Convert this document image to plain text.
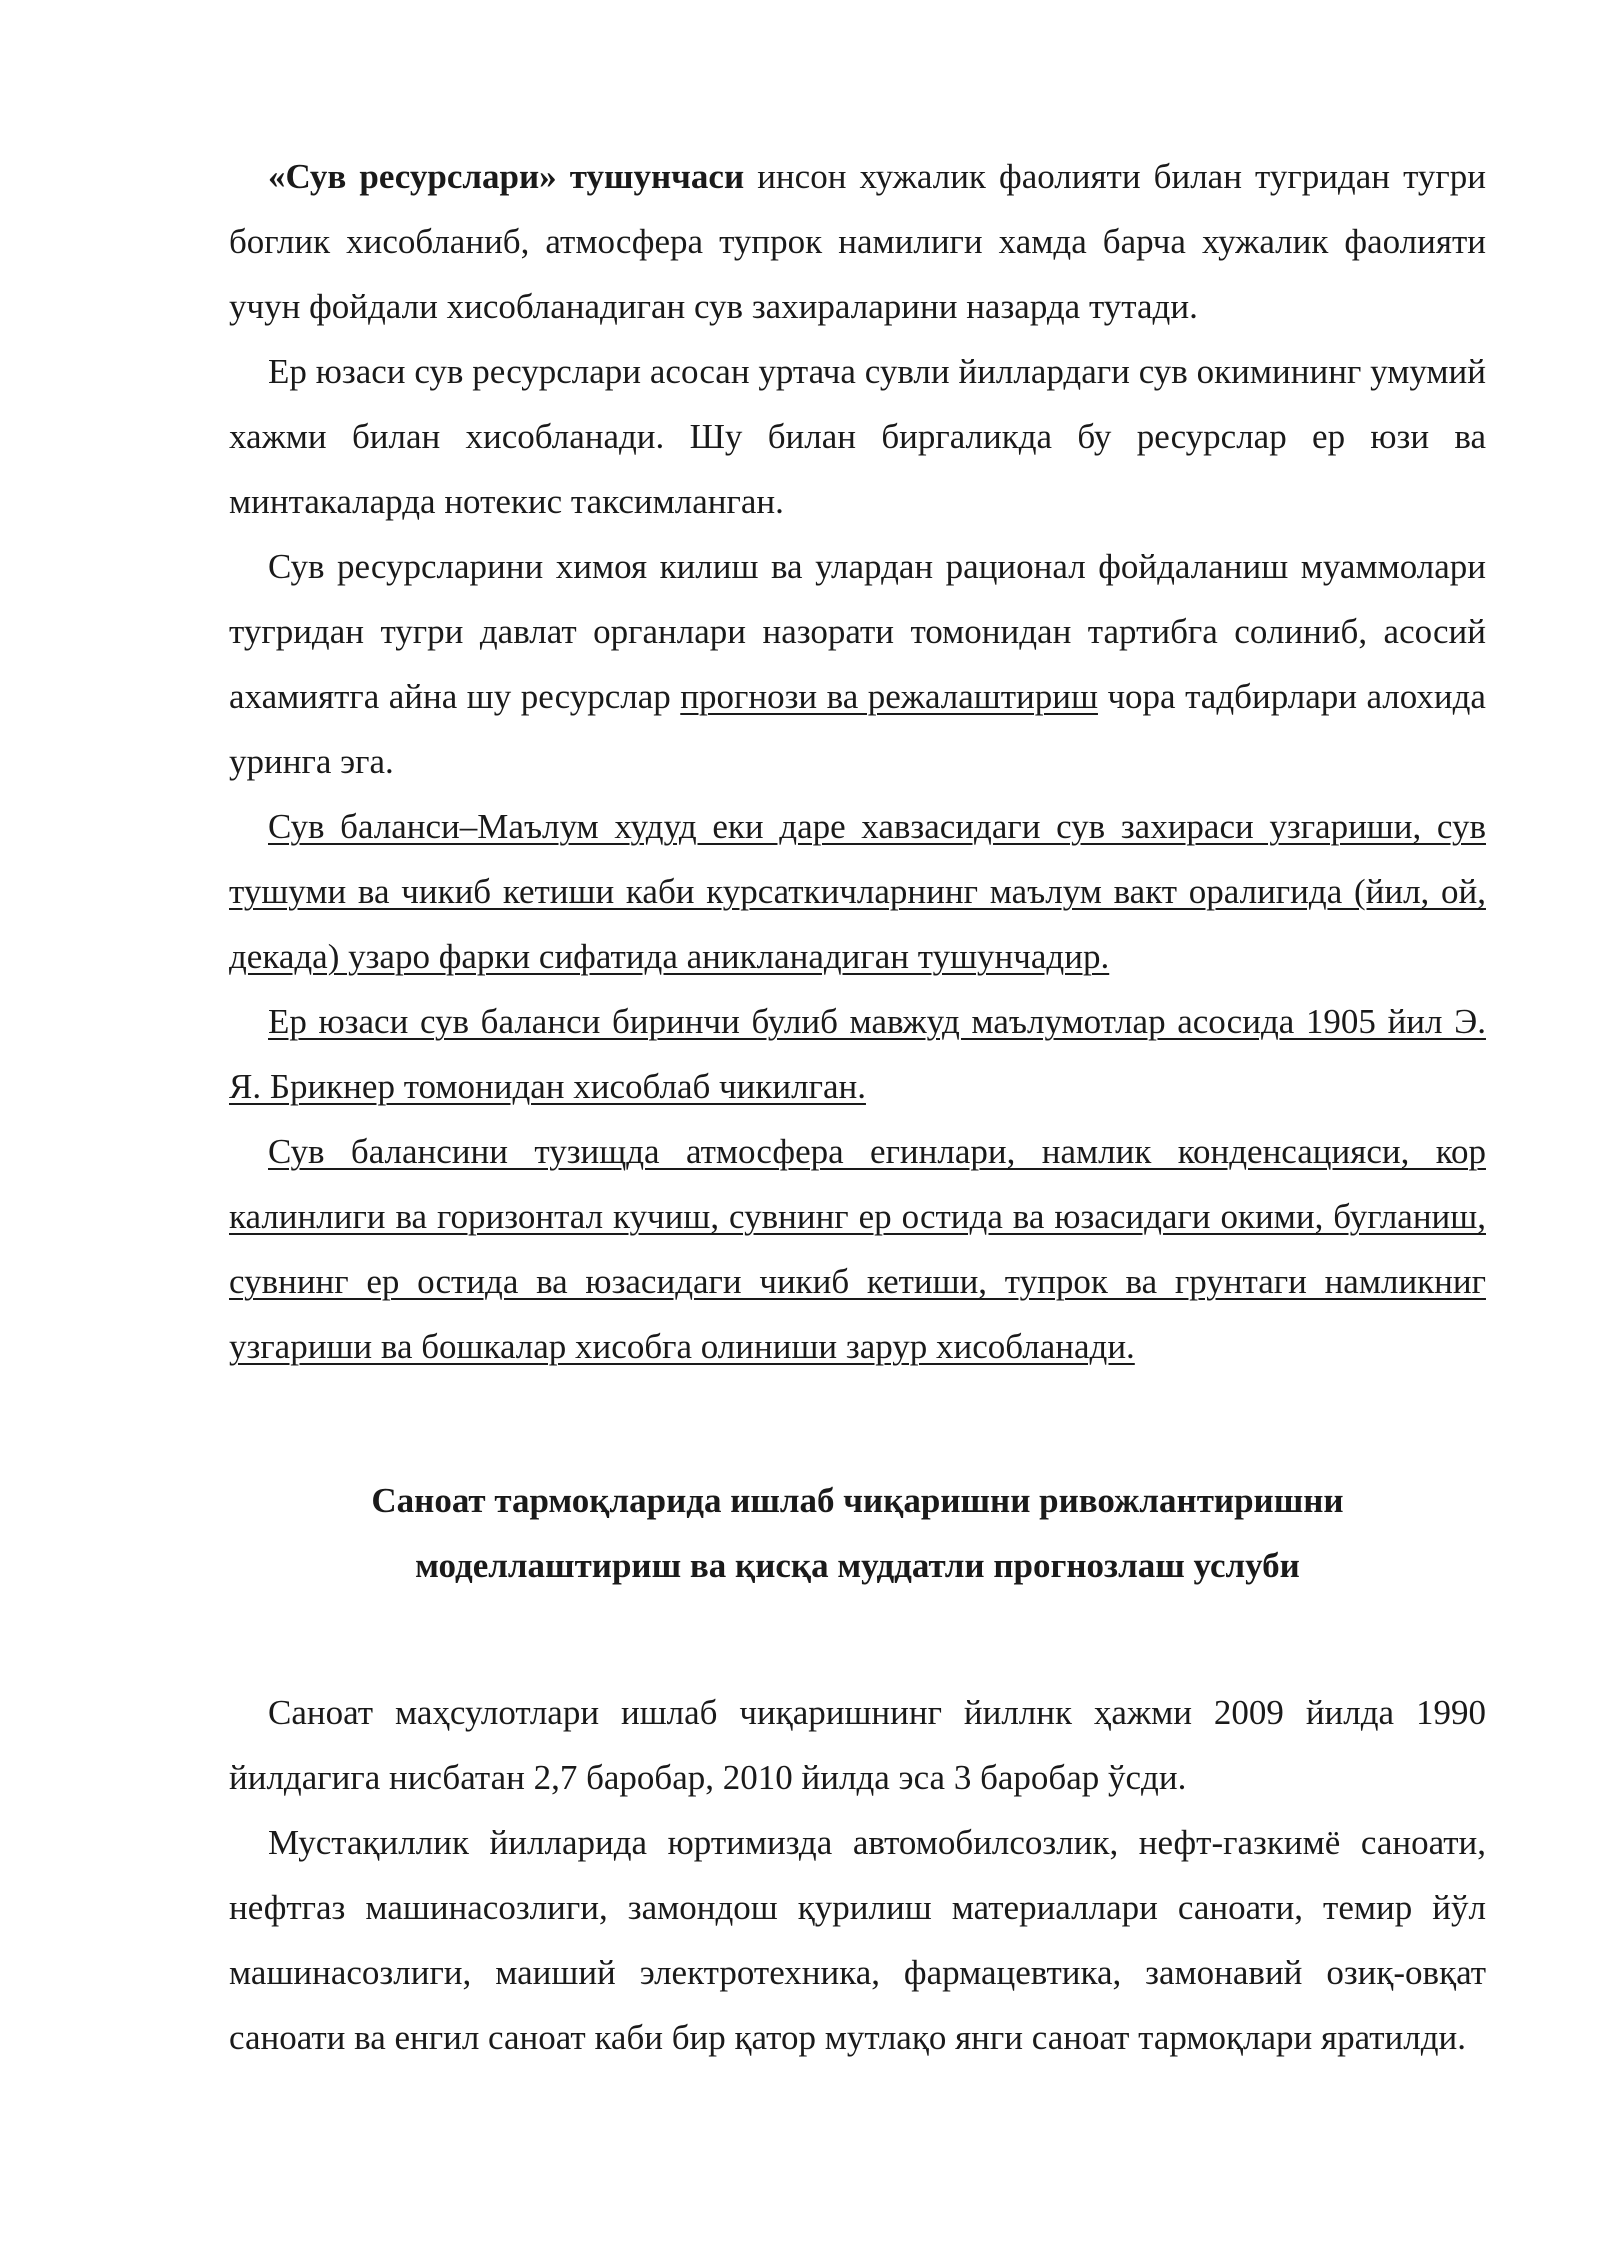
«Сув ресурслари» тушунчаси инсон хужалик фаолияти билан тугридан тугри боглик хисобланиб, атмосфера тупрок намилиги хамда барча хужалик фаолияти учун фойдали хисобланадиган сув захираларини назарда тутади.

Ер юзаси сув ресурслари асосан уртача сувли йиллардаги сув окимининг умумий хажми билан хисобланади. Шу билан биргаликда бу ресурслар ер юзи ва минтакаларда нотекис таксимланган.

Сув ресурсларини химоя килиш ва улардан рационал фойдаланиш муаммолари тугридан тугри давлат органлари назорати томонидан тартибга солиниб, асосий ахамиятга айна шу ресурслар прогнози ва режалаштириш чора тадбирлари алохида уринга эга.

Сув баланси–Маълум худуд еки даре хавзасидаги сув захираси узгариши, сув тушуми ва чикиб кетиши каби курсаткичларнинг маълум вакт оралигида (йил, ой, декада) узаро фарки сифатида аникланадиган тушунчадир.

Ер юзаси сув баланси биринчи булиб мавжуд маълумотлар асосида 1905 йил Э. Я. Брикнер томонидан хисоблаб чикилган.

Сув балансини тузищда атмосфера егинлари, намлик конденсацияси, кор калинлиги ва горизонтал кучиш, сувнинг ер остида ва юзасидаги окими, бугланиш, сувнинг ер остида ва юзасидаги чикиб кетиши, тупрок ва грунтаги намликниг узгариши ва бошкалар хисобга олиниши зарур хисобланади.

Саноат тармоқларида ишлаб чиқаришни ривожлантиришни
моделлаштириш ва қисқа муддатли прогнозлаш услуби

Саноат маҳсулотлари ишлаб чиқаришнинг йиллнк ҳажми 2009 йилда 1990 йилдагига нисбатан 2,7 баробар, 2010 йилда эса 3 баробар ўсди.

Мустақиллик йилларида юртимизда автомобилсозлик, нефт-газкимё саноати, нефтгаз машинасозлиги, замондош қурилиш материаллари саноати, темир йўл машинасозлиги, маиший электротехника, фармацевтика, замонавий озиқ-овқат саноати ва енгил саноат каби бир қатор мутлақо янги саноат тармоқлари яратилди.
